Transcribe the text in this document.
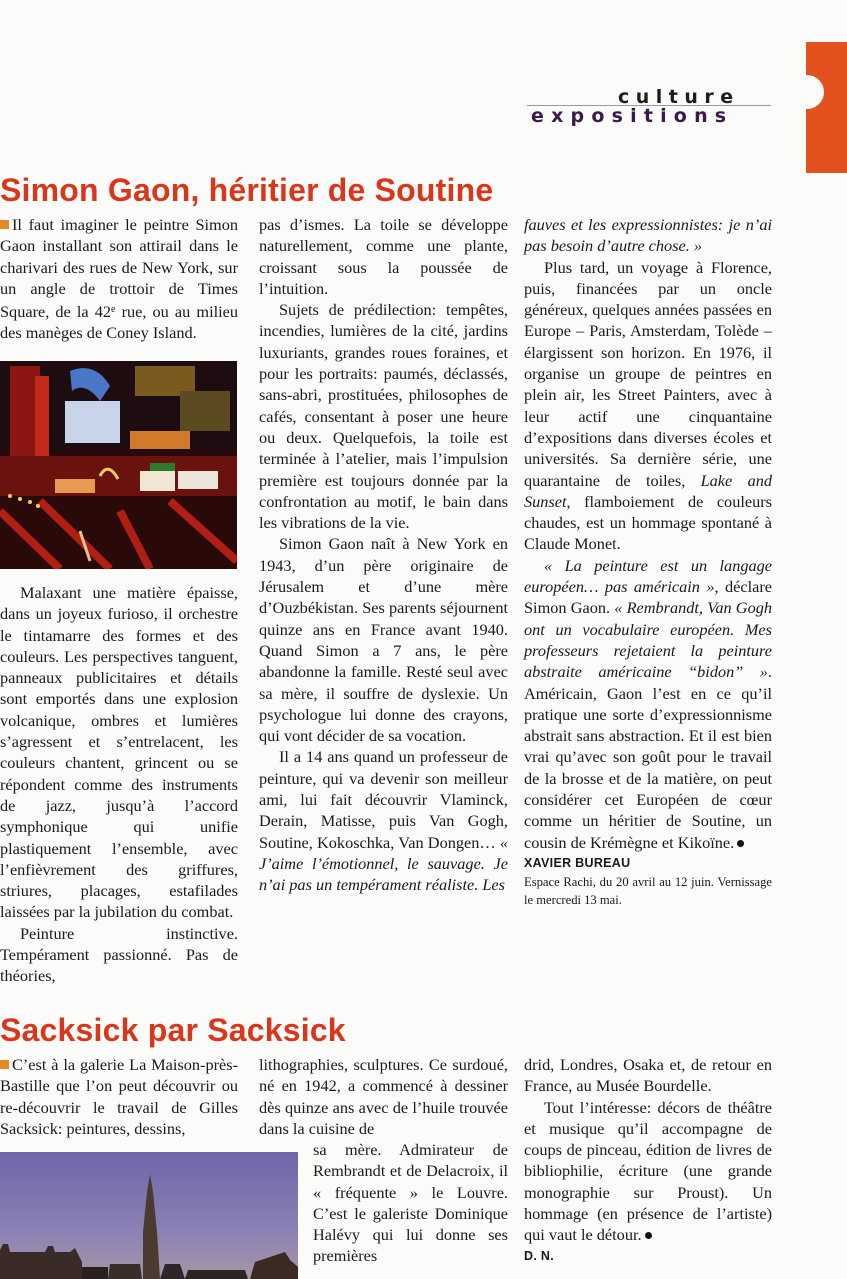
culture
expositions
Simon Gaon, héritier de Soutine

Il faut imaginer le peintre Simon Gaon installant son attirail dans le charivari des rues de New York, sur un angle de trottoir de Times Square, de la 42e rue, ou au milieu des manèges de Coney Island.

Malaxant une matière épaisse, dans un joyeux furioso, il orchestre le tintamarre des formes et des couleurs. Les perspectives tanguent, panneaux publicitaires et détails sont emportés dans une explosion volcanique, ombres et lumières s’agressent et s’entrelacent, les couleurs chantent, grincent ou se répondent comme des instruments de jazz, jusqu’à l’accord symphonique qui unifie plastiquement l’ensemble, avec l’enfièvrement des griffures, striures, placages, estafilades laissées par la jubilation du combat.

Peinture instinctive. Tempérament passionné. Pas de théories,

pas d’ismes. La toile se développe naturellement, comme une plante, croissant sous la poussée de l’intuition.

Sujets de prédilection: tempêtes, incendies, lumières de la cité, jardins luxuriants, grandes roues foraines, et pour les portraits: paumés, déclassés, sans-abri, prostituées, philosophes de cafés, consentant à poser une heure ou deux. Quelquefois, la toile est terminée à l’atelier, mais l’impulsion première est toujours donnée par la confrontation au motif, le bain dans les vibrations de la vie.

Simon Gaon naît à New York en 1943, d’un père originaire de Jérusalem et d’une mère d’Ouzbékistan. Ses parents séjournent quinze ans en France avant 1940. Quand Simon a 7 ans, le père abandonne la famille. Resté seul avec sa mère, il souffre de dyslexie. Un psychologue lui donne des crayons, qui vont décider de sa vocation.

Il a 14 ans quand un professeur de peinture, qui va devenir son meilleur ami, lui fait découvrir Vlaminck, Derain, Matisse, puis Van Gogh, Soutine, Kokoschka, Van Dongen… « J’aime l’émotionnel, le sauvage. Je n’ai pas un tempérament réaliste. Les

fauves et les expressionnistes: je n’ai pas besoin d’autre chose. »

Plus tard, un voyage à Florence, puis, financées par un oncle généreux, quelques années passées en Europe – Paris, Amsterdam, Tolède – élargissent son horizon. En 1976, il organise un groupe de peintres en plein air, les Street Painters, avec à leur actif une cinquantaine d’expositions dans diverses écoles et universités. Sa dernière série, une quarantaine de toiles, Lake and Sunset, flamboiement de couleurs chaudes, est un hommage spontané à Claude Monet.

« La peinture est un langage européen… pas américain », déclare Simon Gaon. « Rembrandt, Van Gogh ont un vocabulaire européen. Mes professeurs rejetaient la peinture abstraite américaine “bidon” ». Américain, Gaon l’est en ce qu’il pratique une sorte d’expressionnisme abstrait sans abstraction. Et il est bien vrai qu’avec son goût pour le travail de la brosse et de la matière, on peut considérer cet Européen de cœur comme un héritier de Soutine, un cousin de Krémègne et Kikoïne.

XAVIER BUREAU

Espace Rachi, du 20 avril au 12 juin. Vernissage le mercredi 13 mai.

Sacksick par Sacksick

C’est à la galerie La Maison-près-Bastille que l’on peut découvrir ou re-découvrir le travail de Gilles Sacksick: peintures, dessins,

lithographies, sculptures. Ce surdoué, né en 1942, a commencé à dessiner dès quinze ans avec de l’huile trouvée dans la cuisine de

sa mère. Admirateur de Rembrandt et de Delacroix, il « fréquente » le Louvre. C’est le galeriste Dominique Halévy qui lui donne ses premières

drid, Londres, Osaka et, de retour en France, au Musée Bourdelle.

Tout l’intéresse: décors de théâtre et musique qu’il accompagne de coups de pinceau, édition de livres de bibliophilie, écriture (une grande monographie sur Proust). Un hommage (en présence de l’artiste) qui vaut le détour.

D. N.
